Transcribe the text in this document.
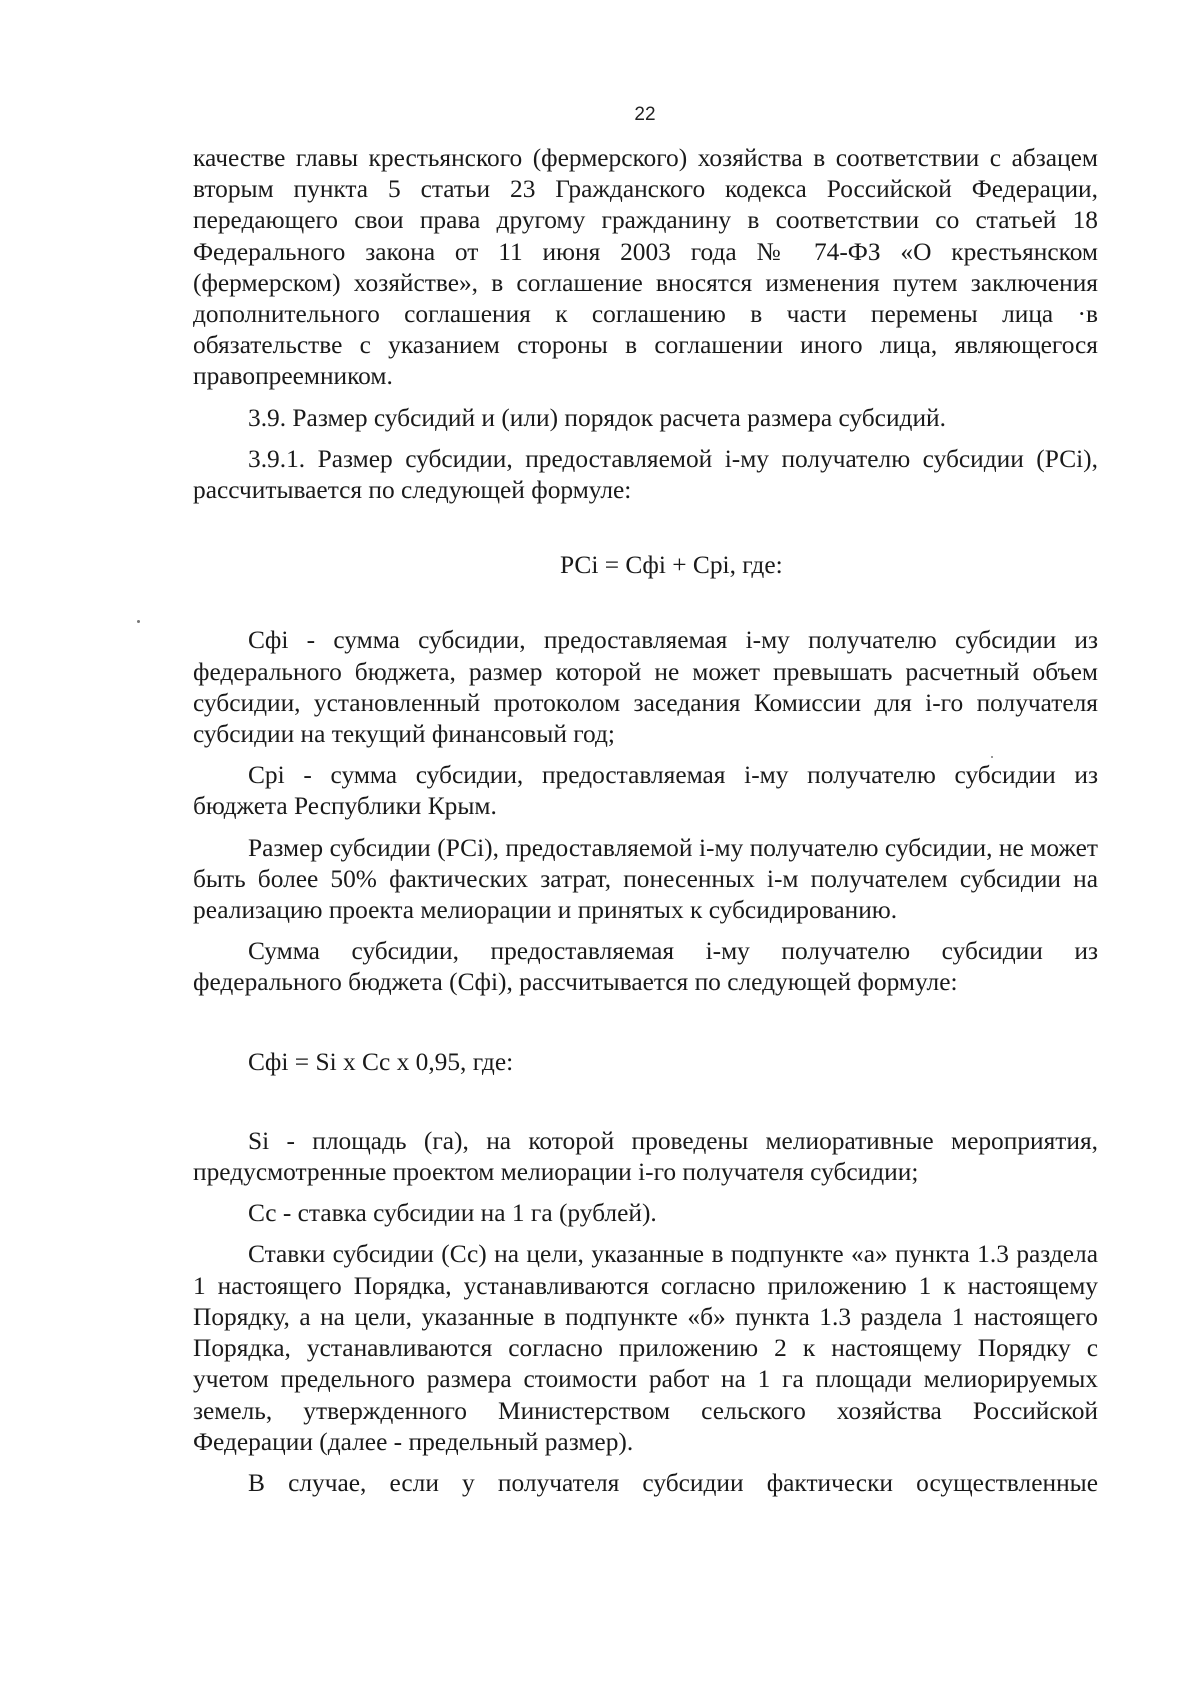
22

качестве главы крестьянского (фермерского) хозяйства в соответствии с абзацем вторым пункта 5 статьи 23 Гражданского кодекса Российской Федерации, передающего свои права другому гражданину в соответствии со статьей 18 Федерального закона от 11 июня 2003 года № 74-ФЗ «О крестьянском (фермерском) хозяйстве», в соглашение вносятся изменения путем заключения дополнительного соглашения к соглашению в части перемены лица ·в обязательстве с указанием стороны в соглашении иного лица, являющегося правопреемником.

3.9. Размер субсидий и (или) порядок расчета размера субсидий.

3.9.1. Размер субсидии, предоставляемой i-му получателю субсидии (РСi), рассчитывается по следующей формуле:

РСi = Сфi + Срi, где:

Сфi - сумма субсидии, предоставляемая i-му получателю субсидии из федерального бюджета, размер которой не может превышать расчетный объем субсидии, установленный протоколом заседания Комиссии для i-го получателя субсидии на текущий финансовый год;

Срi - сумма субсидии, предоставляемая i-му получателю субсидии из бюджета Республики Крым.

Размер субсидии (РСi), предоставляемой i-му получателю субсидии, не может быть более 50% фактических затрат, понесенных i-м получателем субсидии на реализацию проекта мелиорации и принятых к субсидированию.

Сумма субсидии, предоставляемая i-му получателю субсидии из федерального бюджета (Сфi), рассчитывается по следующей формуле:

Сфi = Si x Cc x 0,95, где:

Si - площадь (га), на которой проведены мелиоративные мероприятия, предусмотренные проектом мелиорации i-го получателя субсидии;

Сс - ставка субсидии на 1 га (рублей).

Ставки субсидии (Сс) на цели, указанные в подпункте «а» пункта 1.3 раздела 1 настоящего Порядка, устанавливаются согласно приложению 1 к настоящему Порядку, а на цели, указанные в подпункте «б» пункта 1.3 раздела 1 настоящего Порядка, устанавливаются согласно приложению 2 к настоящему Порядку с учетом предельного размера стоимости работ на 1 га площади мелиорируемых земель, утвержденного Министерством сельского хозяйства Российской Федерации (далее - предельный размер).

В случае, если у получателя субсидии фактически осуществленные
